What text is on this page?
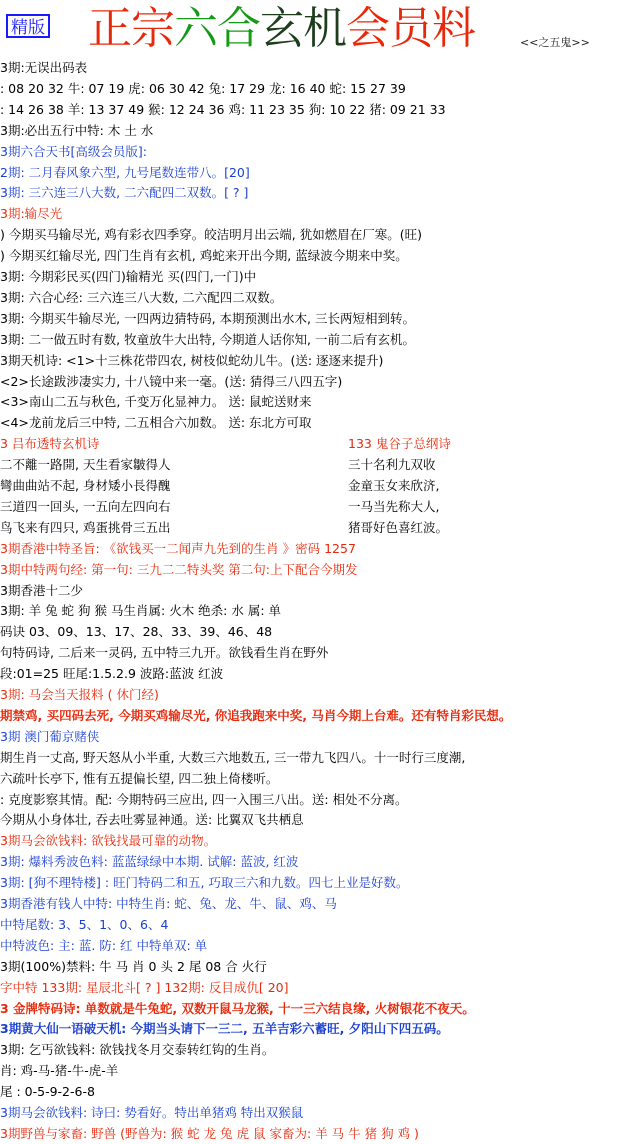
精版 正宗六合玄机会员料	<<之五鬼>>
3期:无误出码表
: 08 20 32 牛: 07 19 虎: 06 30 42 兔: 17 29 龙: 16 40 蛇: 15 27 39
: 14 26 38 羊: 13 37 49 猴: 12 24 36 鸡: 11 23 35 狗: 10 22 猪: 09 21 33
3期:必出五行中特: 木 土 水
3期六合天书[高级会员版]:
2期: 二月春风象六型, 九号尾数连带八。[20]
3期: 三六连三八大数, 二六配四二双数。[ ? ]
3期:输尽光
) 今期买马输尽光, 鸡有彩衣四季穿。皎洁明月出云端, 犹如燃眉在厂寒。(旺)
) 今期买红输尽光, 四门生肖有玄机, 鸡蛇来开出今期, 蓝绿波今期来中奖。
3期: 今期彩民买(四门)输精光 买(四门,一门)中
3期: 六合心经: 三六连三八大数, 二六配四二双数。
3期: 今期买牛输尽光, 一四两边猜特码, 本期预测出水木, 三长两短相到转。
3期: 二一做五时有数, 牧童放牛大出特, 今期道人话你知, 一前二后有玄机。
3期天机诗: <1>十三株花带四农, 树枝似蛇幼儿牛。(送: 逐逐来提升)
<2>长途跋涉凄实力, 十八镜中来一毫。(送: 猜得三八四五字)
<3>南山二五与秋色, 千变万化显神力。 送: 鼠蛇送财来
<4>龙前龙后三中特, 二五相合六加数。 送: 东北方可取
3 吕布透特玄机诗
二不離一路開, 天生看家皺得人
彎曲曲站不起, 身材矮小長得醜
三道四一回头, 一五向左四向右
鸟飞来有四只, 鸡蛋挑骨三五出
3期香港中特圣旨: 《欲钱买一二闻声九先到的生肖 》密码 1257
3期中特两句经: 第一句: 三九二二特头奖 第二句:上下配合今期发
3期香港十二少
3期: 羊 兔 蛇 狗 猴 马生肖属: 火木 绝杀: 水 属: 单
码诀 03、09、13、17、28、33、39、46、48
句特码诗, 二后来一灵码, 五中特三九开。欲钱看生肖在野外
段:01=25 旺尾:1.5.2.9 波路:蓝波 红波
3期: 马会当天报料 ( 休门经)
期禁鸡, 买四码去死, 今期买鸡输尽光, 你追我跑来中奖, 马肖今期上台难。还有特肖彩民想。
3期 澳门葡京赌侠
期生肖一丈高, 野天怒从小半重, 大数三六地数五, 三一带九飞四八。十一时行三度潮,
六疏叶长亭下, 惟有五提偏长望, 四二独上倚楼听。
: 克度影察其情。配: 今期特码三应出, 四一入围三八出。送: 相处不分离。
今期从小身体壮, 吞去吐雾显神通。送: 比翼双飞共栖息
3期马会欲钱料: 欲钱找最可靠的动物。
3期: 爆料秀波色料: 蓝蓝绿绿中本期. 试解: 蓝波, 红波
3期: [狗不理特楼] : 旺门特码二和五, 巧取三六和九数。四七上业是好数。
3期香港有钱人中特: 中特生肖: 蛇、兔、龙、牛、鼠、鸡、马
中特尾数: 3、5、1、0、6、4
中特波色: 主: 蓝. 防: 红 中特单双: 单
3期(100%)禁料: 牛 马 肖 0 头 2 尾 08 合 火行
字中特 133期: 星辰北斗[ ? ] 132期: 反目成仇[ 20]
3 金牌特码诗: 单数就是牛兔蛇, 双数开鼠马龙猴, 十一三六结良缘, 火树银花不夜天。
3期黄大仙一语破天机: 今期当头请下一三二, 五羊吉彩六蓄旺, 夕阳山下四五码。
3期: 乞丐欲钱料: 欲钱找冬月交泰转红钩的生肖。
肖: 鸡-马-猪-牛-虎-羊
尾 : 0-5-9-2-6-8
3期马会欲钱料: 诗曰: 势看好。特出单猪鸡 特出双猴鼠
3期野兽与家畜: 野兽 (野兽为: 猴 蛇 龙 兔 虎 鼠 家畜为: 羊 马 牛 猪 狗 鸡 )
133 鬼谷子总纲诗
三十名利九双收
金童玉女来欣济,
一马当先称大人,
猪哥好色喜红波。
